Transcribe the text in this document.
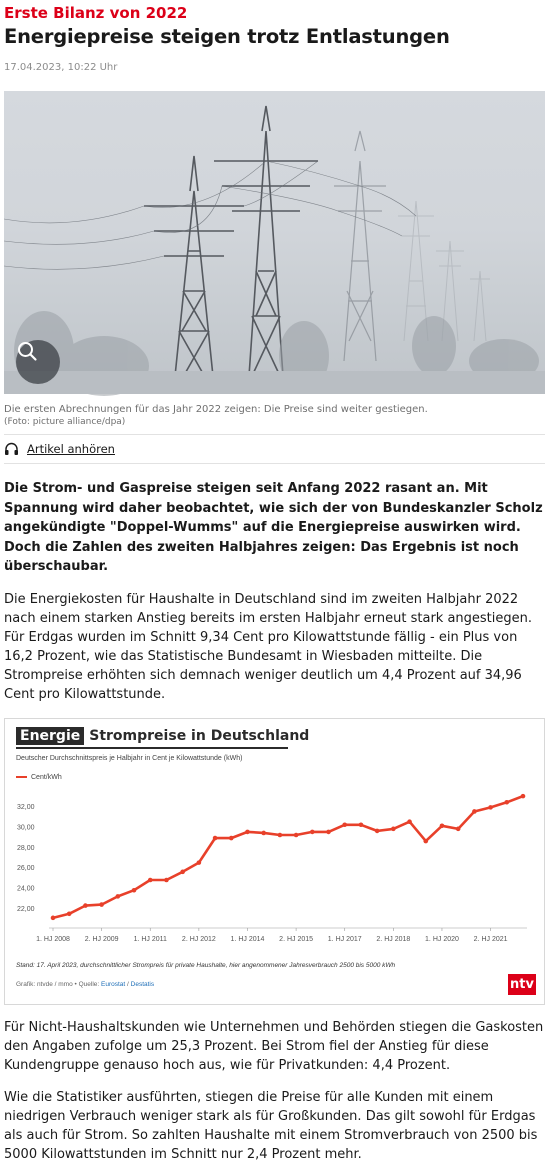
Erste Bilanz von 2022
Energiepreise steigen trotz Entlastungen
17.04.2023, 10:22 Uhr
Die ersten Abrechnungen für das Jahr 2022 zeigen: Die Preise sind weiter gestiegen.
(Foto: picture alliance/dpa)
Artikel anhören

Die Strom- und Gaspreise steigen seit Anfang 2022 rasant an. Mit Spannung wird daher beobachtet, wie sich der von Bundeskanzler Scholz angekündigte "Doppel-Wumms" auf die Energiepreise auswirken wird. Doch die Zahlen des zweiten Halbjahres zeigen: Das Ergebnis ist noch überschaubar.

Die Energiekosten für Haushalte in Deutschland sind im zweiten Halbjahr 2022 nach einem starken Anstieg bereits im ersten Halbjahr erneut stark angestiegen. Für Erdgas wurden im Schnitt 9,34 Cent pro Kilowattstunde fällig - ein Plus von 16,2 Prozent, wie das Statistische Bundesamt in Wiesbaden mitteilte. Die Strompreise erhöhten sich demnach weniger deutlich um 4,4 Prozent auf 34,96 Cent pro Kilowattstunde.

Energie Strompreise in Deutschland
Deutscher Durchschnittspreis je Halbjahr in Cent je Kilowattstunde (kWh)
Cent/kWh
22,00
24,00
26,00
28,00
30,00
32,00
1. HJ 2008 2. HJ 2009 1. HJ 2011 2. HJ 2012 1. HJ 2014 2. HJ 2015 1. HJ 2017 2. HJ 2018 1. HJ 2020 2. HJ 2021
Stand: 17. April 2023, durchschnittlicher Strompreis für private Haushalte, hier angenommener Jahresverbrauch 2500 bis 5000 kWh
Grafik: ntvde / mmo • Quelle: Eurostat / Destatis	ntv

Für Nicht-Haushaltskunden wie Unternehmen und Behörden stiegen die Gaskosten den Angaben zufolge um 25,3 Prozent. Bei Strom fiel der Anstieg für diese Kundengruppe genauso hoch aus, wie für Privatkunden: 4,4 Prozent.

Wie die Statistiker ausführten, stiegen die Preise für alle Kunden mit einem niedrigen Verbrauch weniger stark als für Großkunden. Das gilt sowohl für Erdgas als auch für Strom. So zahlten Haushalte mit einem Stromverbrauch von 2500 bis 5000 Kilowattstunden im Schnitt nur 2,4 Prozent mehr.
